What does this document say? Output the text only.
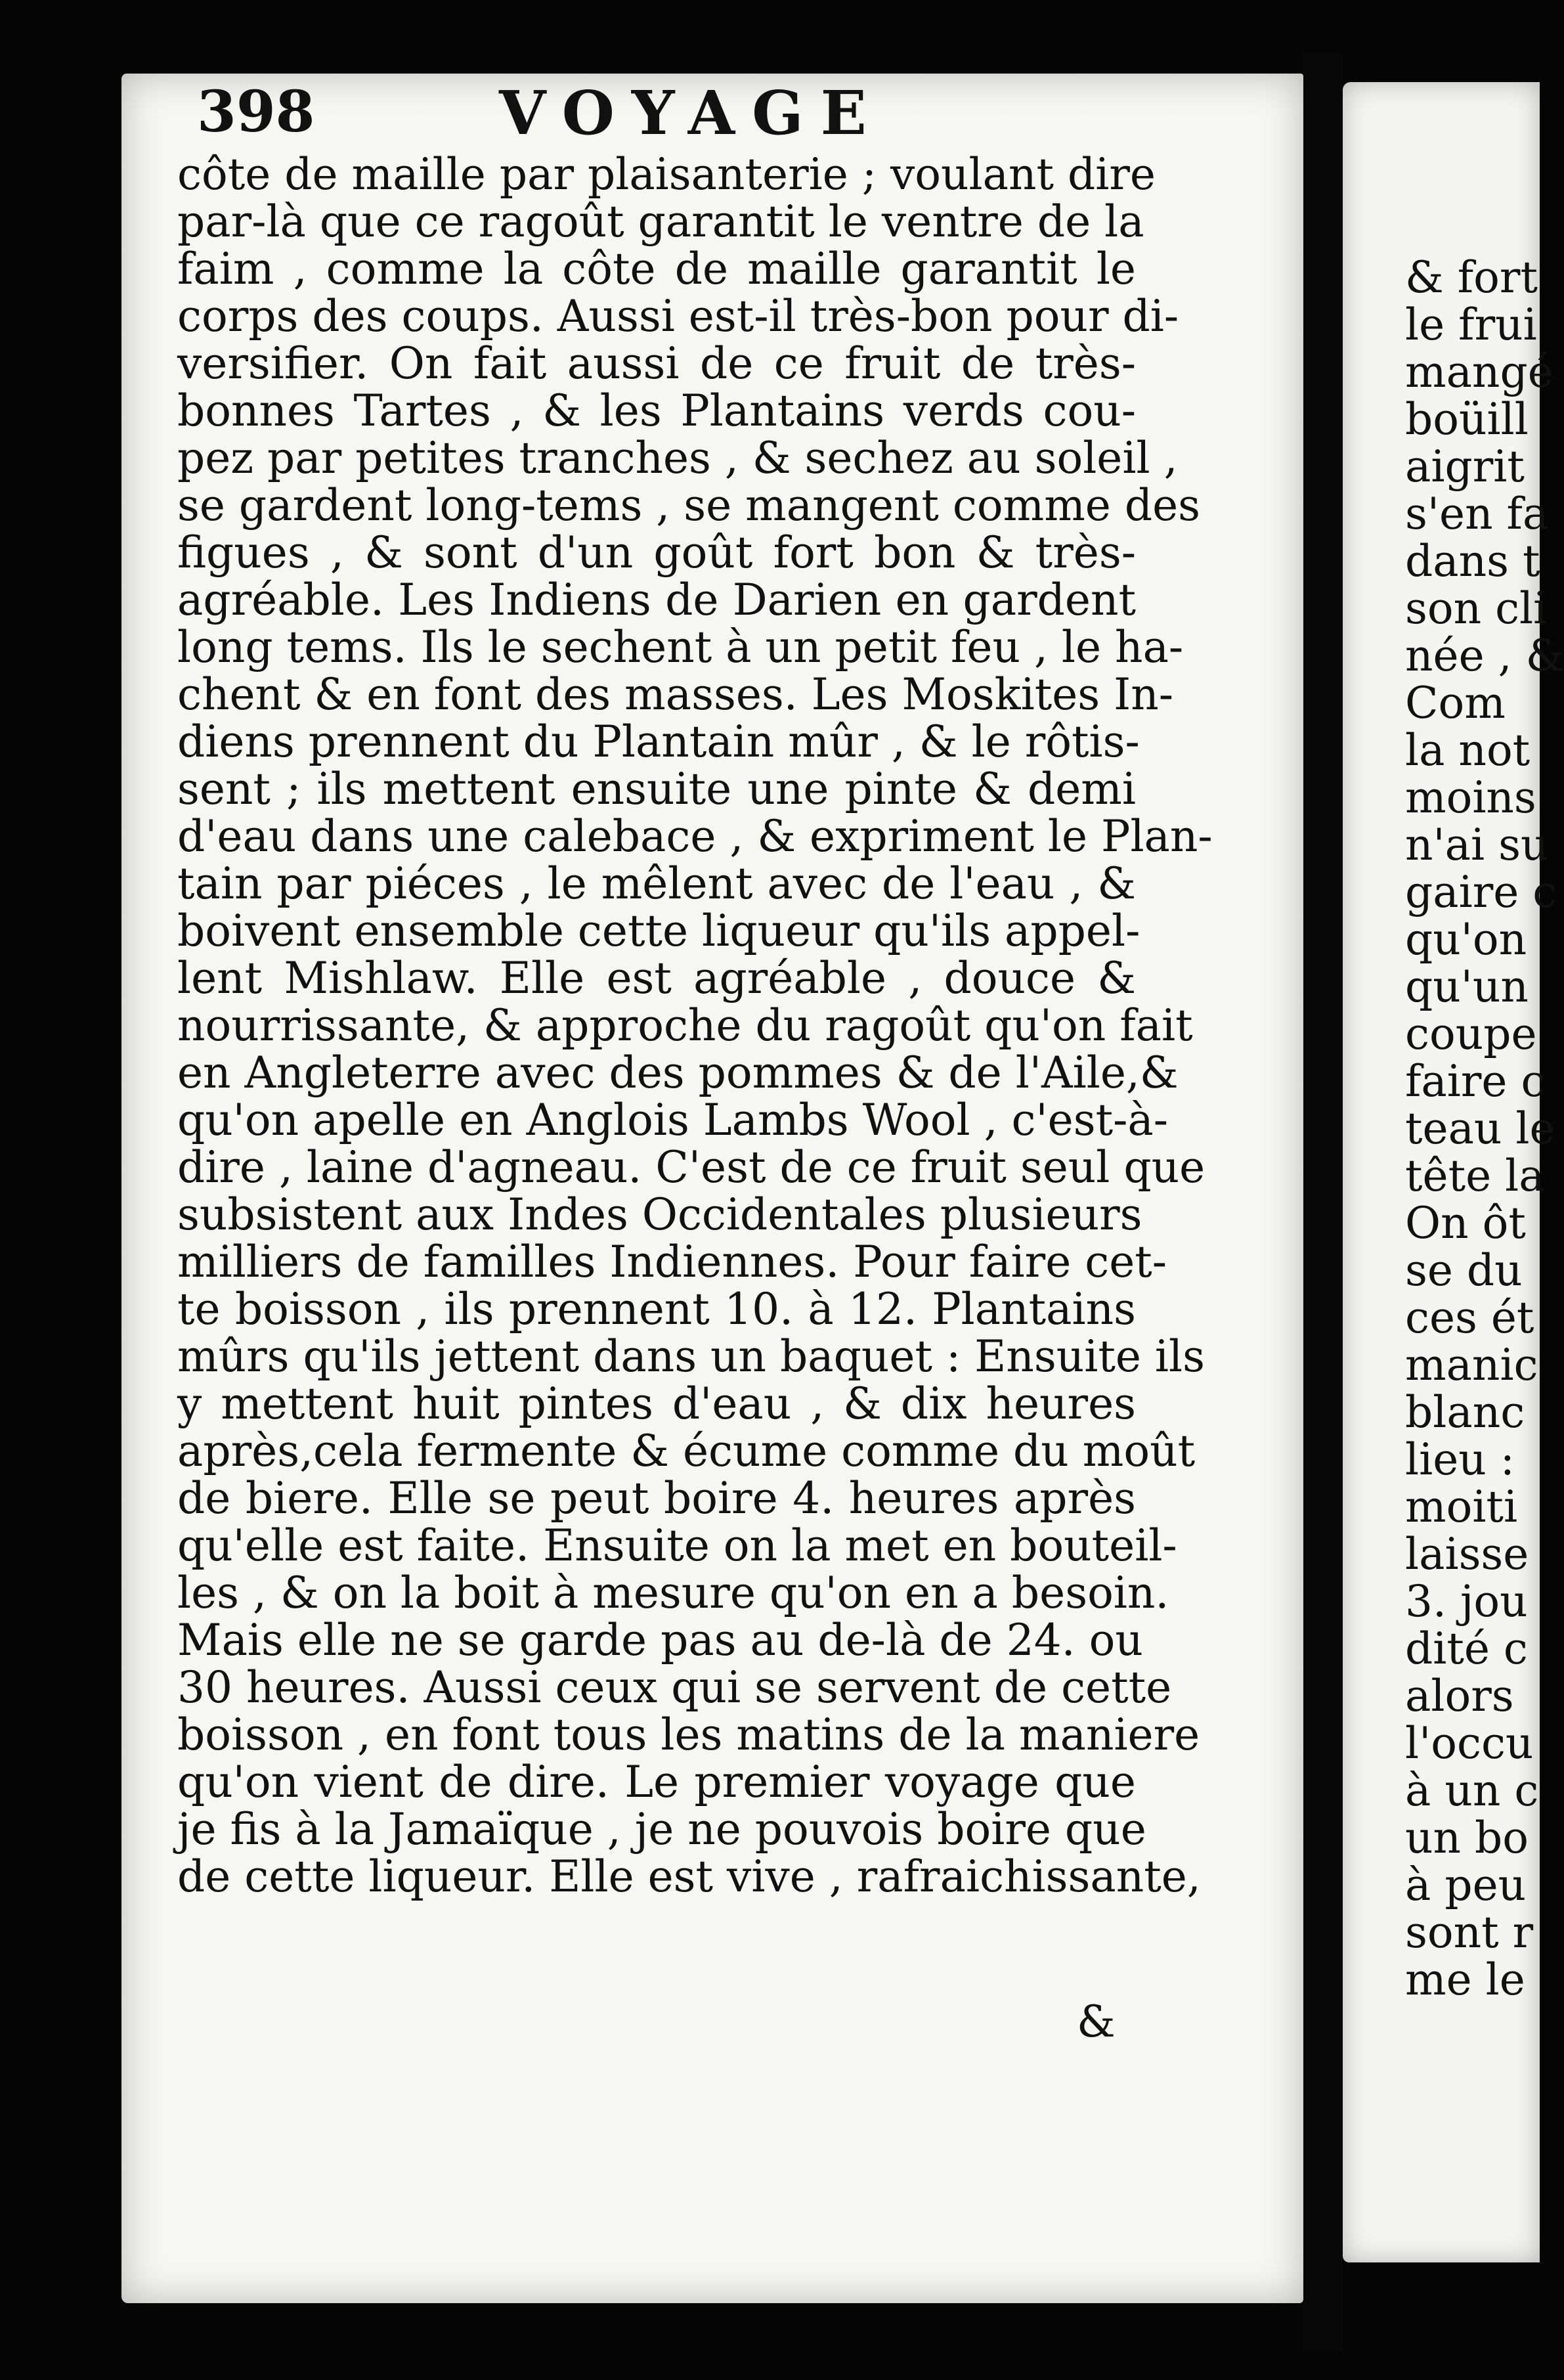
& fort
le frui
mangé
boüill
aigrit
s'en fa
dans t
son cli
née , &
Com
la not
moins
n'ai su
gaire c
qu'on
qu'un
coupe
faire c
teau le
tête la
On ôt
se du
ces ét
manic
blanc
lieu :
moiti
laisse
3. jou
dité c
alors
l'occu
à un c
un bo
à peu
sont r
me le
398	VOYAGE
côte de maille par plaisanterie ; voulant dire
par-là que ce ragoût garantit le ventre de la
faim , comme la côte de maille garantit le
corps des coups. Aussi est-il très-bon pour di-
versifier. On fait aussi de ce fruit de très-
bonnes Tartes , & les Plantains verds cou-
pez par petites tranches , & sechez au soleil ,
se gardent long-tems , se mangent comme des
figues , & sont d'un goût fort bon & très-
agréable. Les Indiens de Darien en gardent
long tems. Ils le sechent à un petit feu , le ha-
chent & en font des masses. Les Moskites In-
diens prennent du Plantain mûr , & le rôtis-
sent ; ils mettent ensuite une pinte & demi
d'eau dans une calebace , & expriment le Plan-
tain par piéces , le mêlent avec de l'eau , &
boivent ensemble cette liqueur qu'ils appel-
lent Mishlaw. Elle est agréable , douce &
nourrissante, & approche du ragoût qu'on fait
en Angleterre avec des pommes & de l'Aile,&
qu'on apelle en Anglois Lambs Wool , c'est-à-
dire , laine d'agneau. C'est de ce fruit seul que
subsistent aux Indes Occidentales plusieurs
milliers de familles Indiennes. Pour faire cet-
te boisson , ils prennent 10. à 12. Plantains
mûrs qu'ils jettent dans un baquet : Ensuite ils
y mettent huit pintes d'eau , & dix heures
après,cela fermente & écume comme du moût
de biere. Elle se peut boire 4. heures après
qu'elle est faite. Ensuite on la met en bouteil-
les , & on la boit à mesure qu'on en a besoin.
Mais elle ne se garde pas au de-là de 24. ou
30 heures. Aussi ceux qui se servent de cette
boisson , en font tous les matins de la maniere
qu'on vient de dire. Le premier voyage que
je fis à la Jamaïque , je ne pouvois boire que
de cette liqueur. Elle est vive , rafraichissante,
&
